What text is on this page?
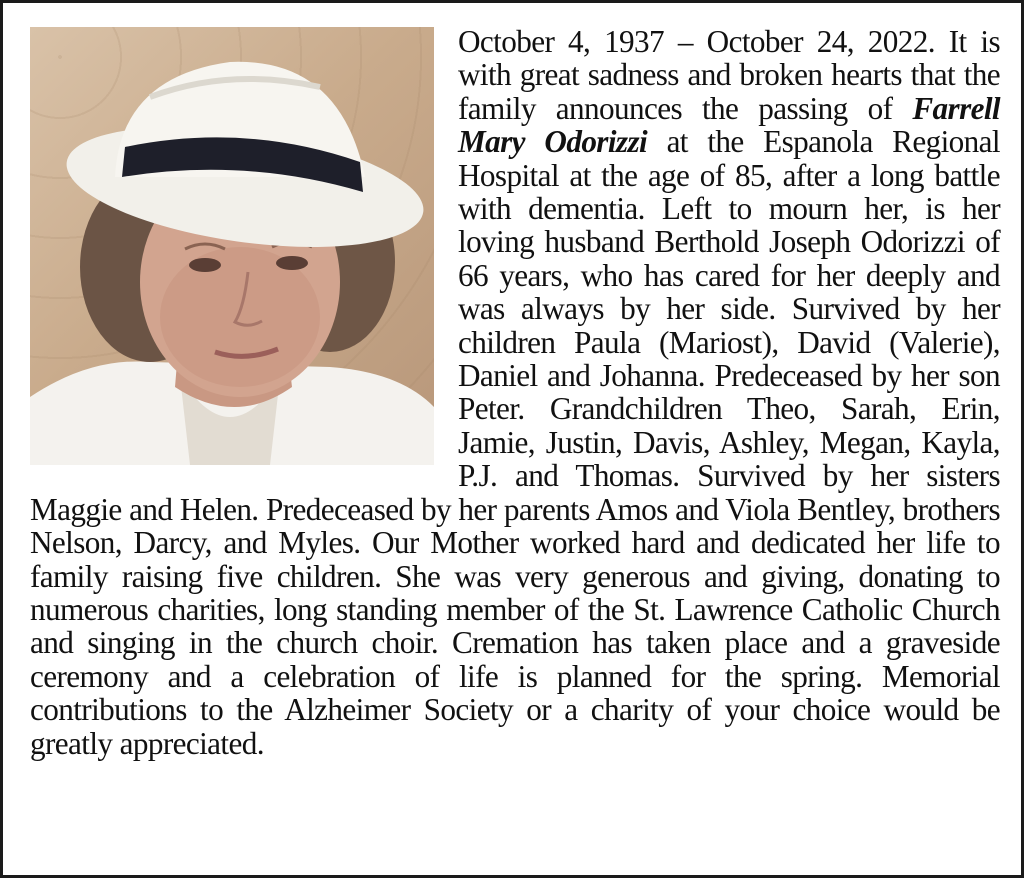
October 4, 1937 – October 24, 2022. It is with great sadness and broken hearts that the family announces the passing of Farrell Mary Odorizzi at the Espanola Regional Hospital at the age of 85, after a long battle with dementia. Left to mourn her, is her loving husband Berthold Joseph Odorizzi of 66 years, who has cared for her deeply and was always by her side. Survived by her children Paula (Mariost), David (Valerie), Daniel and Johanna. Predeceased by her son Peter. Grandchildren Theo, Sarah, Erin, Jamie, Justin, Davis, Ashley, Megan, Kayla, P.J. and Thomas. Survived by her sisters Maggie and Helen. Predeceased by her parents Amos and Viola Bentley, brothers Nelson, Darcy, and Myles. Our Mother worked hard and dedicated her life to family raising five children. She was very generous and giving, donating to numerous charities, long standing member of the St. Lawrence Catholic Church and singing in the church choir. Cremation has taken place and a graveside ceremony and a celebration of life is planned for the spring. Memorial contributions to the Alzheimer Society or a charity of your choice would be greatly appreciated.
